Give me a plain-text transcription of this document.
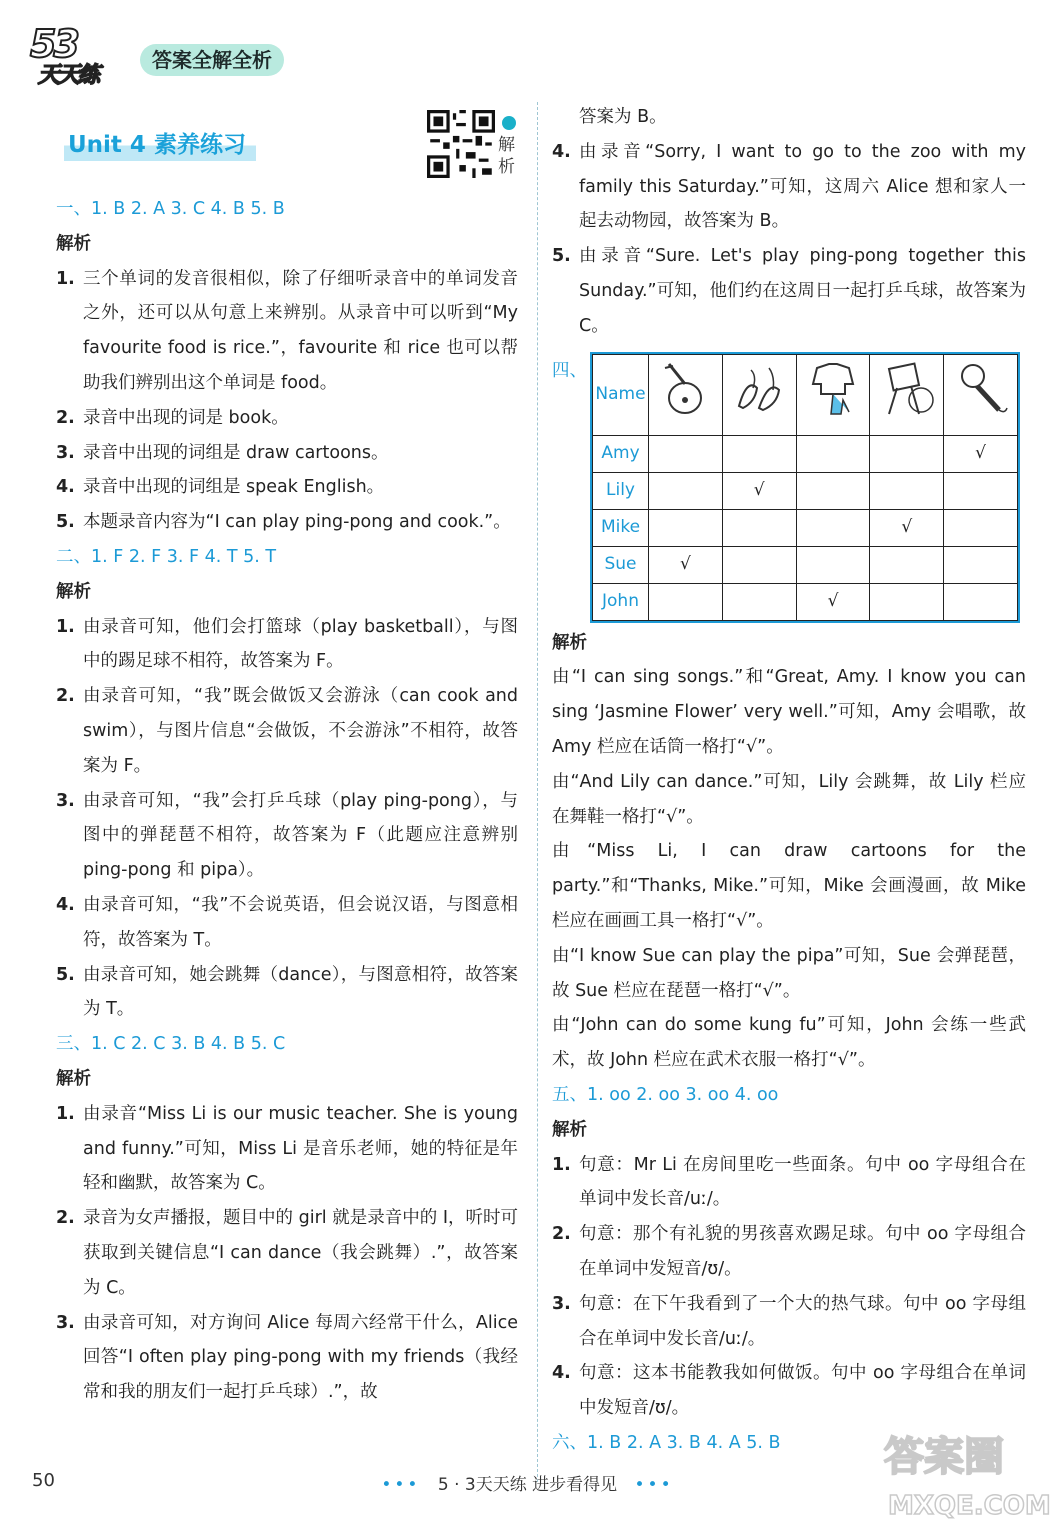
53
天天练
答案全解全析
Unit 4 素养练习	解析
一、1. B 2. A 3. C 4. B 5. B
解析
1. 三个单词的发音很相似，除了仔细听录音中的单词发音之外，还可以从句意上来辨别。从录音中可以听到“My favourite food is rice.”，favourite 和 rice 也可以帮助我们辨别出这个单词是 food。
2. 录音中出现的词是 book。
3. 录音中出现的词组是 draw cartoons。
4. 录音中出现的词组是 speak English。
5. 本题录音内容为“I can play ping-pong and cook.”。
二、1. F 2. F 3. F 4. T 5. T
解析
1. 由录音可知，他们会打篮球（play basketball），与图中的踢足球不相符，故答案为 F。
2. 由录音可知，“我”既会做饭又会游泳（can cook and swim），与图片信息“会做饭，不会游泳”不相符，故答案为 F。
3. 由录音可知，“我”会打乒乓球（play ping-pong），与图中的弹琵琶不相符，故答案为 F（此题应注意辨别 ping-pong 和 pipa）。
4. 由录音可知，“我”不会说英语，但会说汉语，与图意相符，故答案为 T。
5. 由录音可知，她会跳舞（dance），与图意相符，故答案为 T。
三、1. C 2. C 3. B 4. B 5. C
解析
1. 由录音“Miss Li is our music teacher. She is young and funny.”可知，Miss Li 是音乐老师，她的特征是年轻和幽默，故答案为 C。
2. 录音为女声播报，题目中的 girl 就是录音中的 I，听时可获取到关键信息“I can dance（我会跳舞）.”，故答案为 C。
3. 由录音可知，对方询问 Alice 每周六经常干什么，Alice 回答“I often play ping-pong with my friends（我经常和我的朋友们一起打乒乓球）.”，故
答案为 B。
4. 由录音“Sorry, I want to go to the zoo with my family this Saturday.”可知，这周六 Alice 想和家人一起去动物园，故答案为 B。
5. 由录音“Sure. Let's play ping-pong together this Sunday.”可知，他们约在这周日一起打乒乓球，故答案为 C。
四、
Name					
Amy					√
Lily		√			
Mike				√	
Sue	√				
John			√		
解析
由“I can sing songs.”和“Great, Amy. I know you can sing ‘Jasmine Flower’ very well.”可知，Amy 会唱歌，故 Amy 栏应在话筒一格打“√”。
由“And Lily can dance.”可知，Lily 会跳舞，故 Lily 栏应在舞鞋一格打“√”。
由“Miss Li, I can draw cartoons for the party.”和“Thanks, Mike.”可知，Mike 会画漫画，故 Mike 栏应在画画工具一格打“√”。
由“I know Sue can play the pipa”可知，Sue 会弹琵琶，故 Sue 栏应在琵琶一格打“√”。
由“John can do some kung fu”可知，John 会练一些武术，故 John 栏应在武术衣服一格打“√”。
五、1. oo 2. oo 3. oo 4. oo
解析
1. 句意：Mr Li 在房间里吃一些面条。句中 oo 字母组合在单词中发长音/uː/。
2. 句意：那个有礼貌的男孩喜欢踢足球。句中 oo 字母组合在单词中发短音/ʊ/。
3. 句意：在下午我看到了一个大的热气球。句中 oo 字母组合在单词中发长音/uː/。
4. 句意：这本书能教我如何做饭。句中 oo 字母组合在单词中发短音/ʊ/。
六、1. B 2. A 3. B 4. A 5. B	答案圈
MXQE.COM
50	••• 5 · 3天天练 进步看得见 •••
